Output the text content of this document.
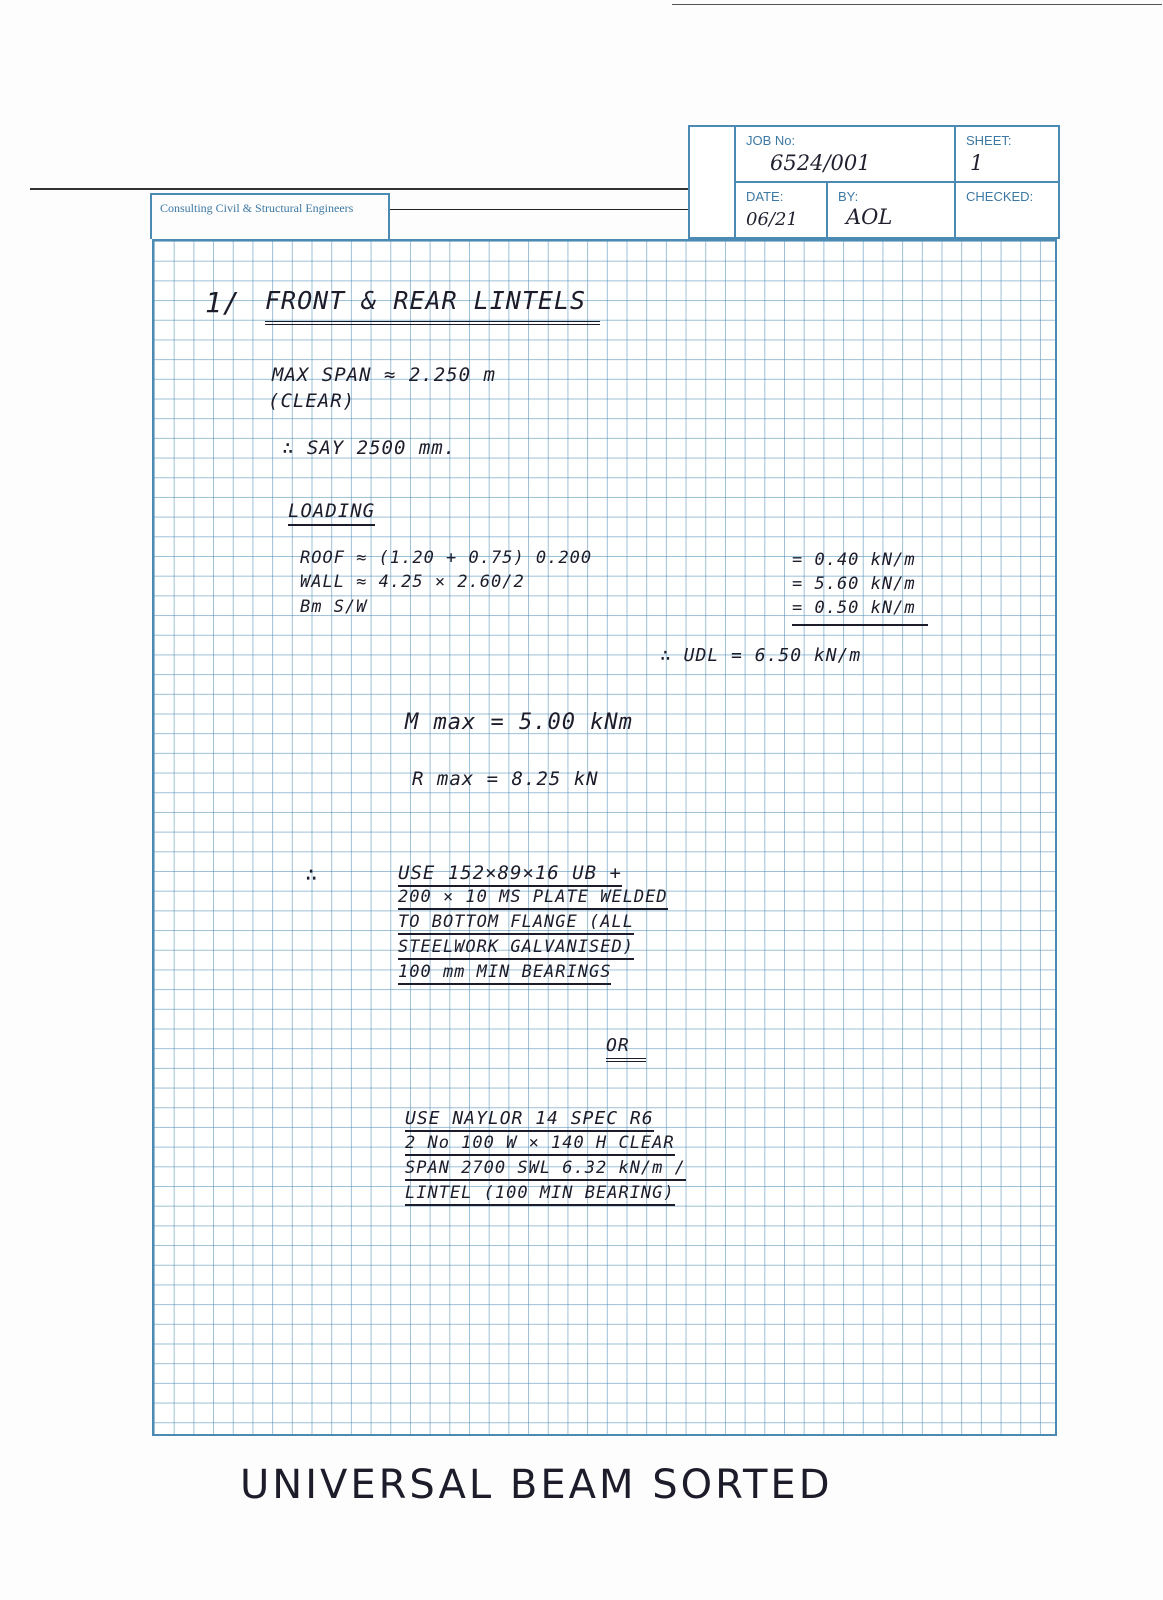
Consulting Civil & Structural Engineers
JOB No:
6524/001
SHEET:
1
DATE:
06/21
BY:
AOL
CHECKED:
1/ FRONT & REAR LINTELS
MAX SPAN ≈ 2.250 m
(CLEAR)
∴ SAY 2500 mm.
LOADING
ROOF ≈ (1.20 + 0.75) 0.200
WALL ≈ 4.25 × 2.60/2
Bm S/W
= 0.40 kN/m
= 5.60 kN/m
= 0.50 kN/m
∴ UDL = 6.50 kN/m
M max = 5.00 kNm
R max = 8.25 kN
∴	USE 152×89×16 UB +
200 × 10 MS PLATE WELDED
TO BOTTOM FLANGE (ALL
STEELWORK GALVANISED)
100 mm MIN BEARINGS
OR
USE NAYLOR 14 SPEC R6
2 No 100 W × 140 H CLEAR
SPAN 2700 SWL 6.32 kN/m /
LINTEL (100 MIN BEARING)
UNIVERSAL BEAM SORTED
